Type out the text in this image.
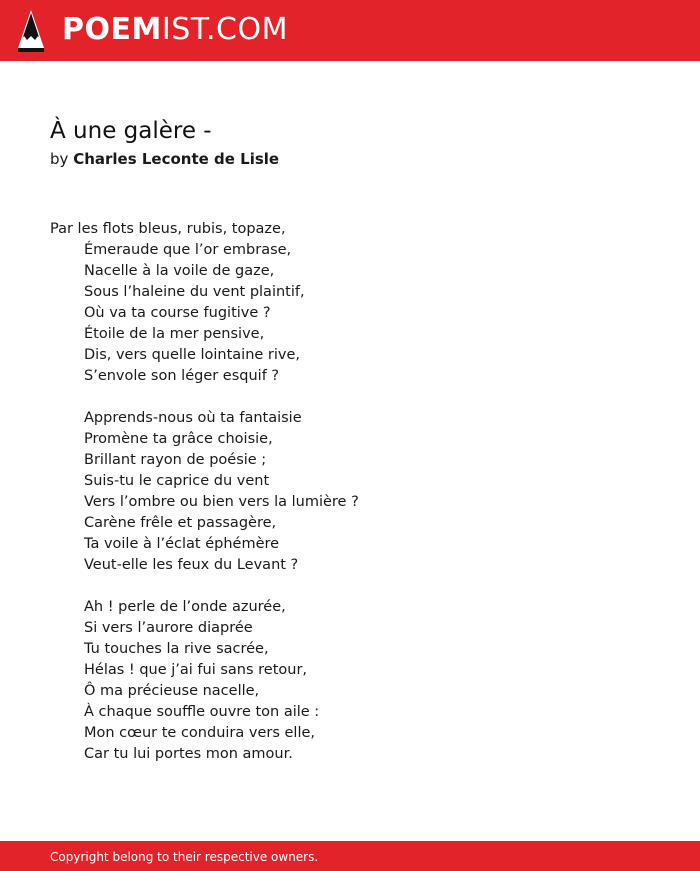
POEMIST.COM
À une galère -
by Charles Leconte de Lisle
Par les flots bleus, rubis, topaze,
Émeraude que l’or embrase,
Nacelle à la voile de gaze,
Sous l’haleine du vent plaintif,
Où va ta course fugitive ?
Étoile de la mer pensive,
Dis, vers quelle lointaine rive,
S’envole son léger esquif ?
Apprends-nous où ta fantaisie
Promène ta grâce choisie,
Brillant rayon de poésie ;
Suis-tu le caprice du vent
Vers l’ombre ou bien vers la lumière ?
Carène frêle et passagère,
Ta voile à l’éclat éphémère
Veut-elle les feux du Levant ?
Ah ! perle de l’onde azurée,
Si vers l’aurore diaprée
Tu touches la rive sacrée,
Hélas ! que j’ai fui sans retour,
Ô ma précieuse nacelle,
À chaque souffle ouvre ton aile :
Mon cœur te conduira vers elle,
Car tu lui portes mon amour.
Copyright belong to their respective owners.
